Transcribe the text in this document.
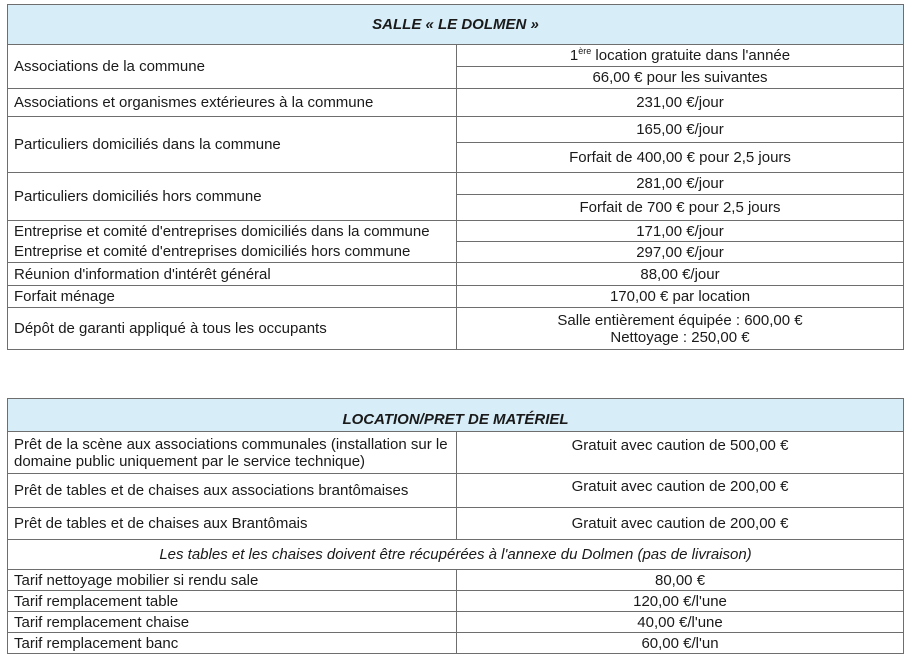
SALLE « LE DOLMEN »	
Associations de la commune	1ère location gratuite dans l'année
	66,00 € pour les suivantes
Associations et organismes extérieures à la commune	231,00 €/jour
Particuliers domiciliés dans la commune	165,00 €/jour
	Forfait de 400,00 € pour 2,5 jours
Particuliers domiciliés hors commune	281,00 €/jour
	Forfait de 700 € pour 2,5 jours
Entreprise et comité d'entreprises domiciliés dans la commune	171,00 €/jour
Entreprise et comité d'entreprises domiciliés hors commune	297,00 €/jour
Réunion d'information d'intérêt général	88,00 €/jour
Forfait ménage	170,00 € par location
Dépôt de garanti appliqué à tous les occupants	Salle entièrement équipée : 600,00 €
Nettoyage : 250,00 €
LOCATION/PRET DE MATÉRIEL	
Prêt de la scène aux associations communales (installation sur le domaine public uniquement par le service technique)	Gratuit avec caution de 500,00 €
Prêt de tables et de chaises aux associations brantômaises	Gratuit avec caution de 200,00 €
Prêt de tables et de chaises aux Brantômais	Gratuit avec caution de 200,00 €
Les tables et les chaises doivent être récupérées à l'annexe du Dolmen (pas de livraison)	
Tarif nettoyage mobilier si rendu sale	80,00 €
Tarif remplacement table	120,00 €/l'une
Tarif remplacement chaise	40,00 €/l'une
Tarif remplacement banc	60,00 €/l'un
